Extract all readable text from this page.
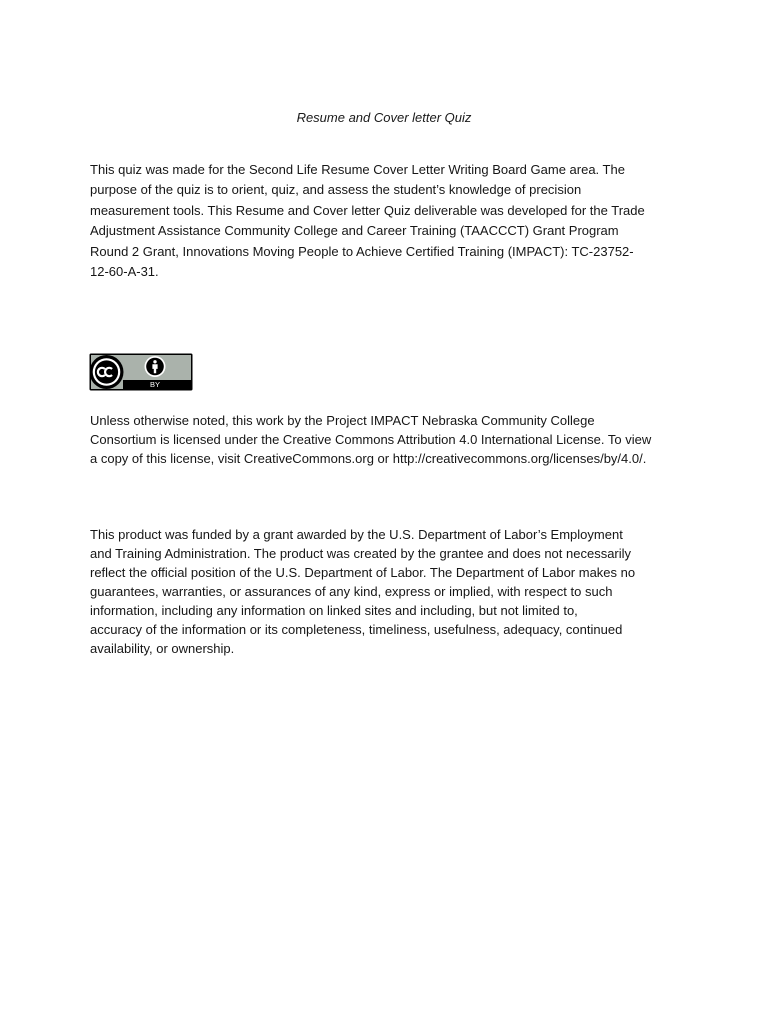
Resume and Cover letter Quiz
This quiz was made for the Second Life Resume Cover Letter Writing Board Game area. The
purpose of the quiz is to orient, quiz, and assess the student’s knowledge of precision
measurement tools. This Resume and Cover letter Quiz deliverable was developed for the Trade
Adjustment Assistance Community College and Career Training (TAACCCT) Grant Program
Round 2 Grant, Innovations Moving People to Achieve Certified Training (IMPACT): TC-23752-
12-60-A-31.
BY
Unless otherwise noted, this work by the Project IMPACT Nebraska Community College
Consortium is licensed under the Creative Commons Attribution 4.0 International License. To view
a copy of this license, visit CreativeCommons.org or http://creativecommons.org/licenses/by/4.0/.
This product was funded by a grant awarded by the U.S. Department of Labor’s Employment
and Training Administration. The product was created by the grantee and does not necessarily
reflect the official position of the U.S. Department of Labor. The Department of Labor makes no
guarantees, warranties, or assurances of any kind, express or implied, with respect to such
information, including any information on linked sites and including, but not limited to,
accuracy of the information or its completeness, timeliness, usefulness, adequacy, continued
availability, or ownership.
